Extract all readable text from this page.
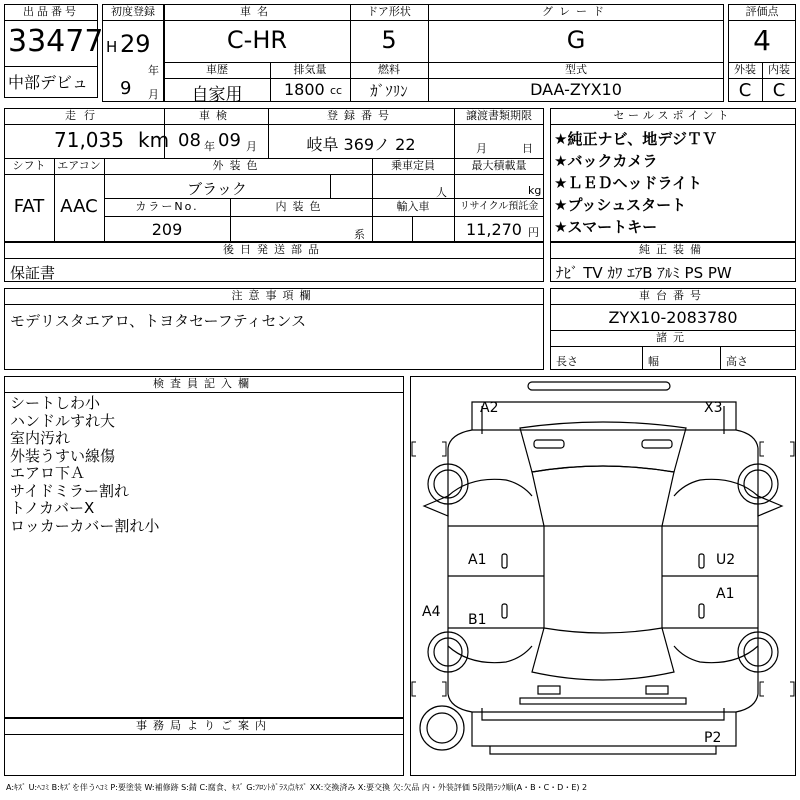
出品番号
33477
中部デビュ
初度登録
H 29
年
9 月
車名
C-HR
ドア形状
5
グレード
G
車歴
自家用
排気量
1800 cc
燃料
ｶﾞｿﾘﾝ
型式
DAA-ZYX10
評価点
4
外装	内装
C	C
走行
71,035 km
車検
08 年 09 月
登録番号
岐阜 369ノ 22
譲渡書類期限
月	日
シフト
FAT
エアコン
AAC
外装色
ブラック
乗車定員
人
最大積載量
kg
カラーNo.
209
内装色
系
輸入車	リサイクル預託金
11,270 円
後日発送部品
保証書
セールスポイント
★純正ナビ、地デジＴＶ
★バックカメラ
★ＬＥＤヘッドライト
★プッシュスタート
★スマートキー
純正装備
ﾅﾋﾞ TV ｶﾜ ｴｱB ｱﾙﾐ PS PW
注意事項欄
モデリスタエアロ、トヨタセーフティセンス
車台番号
ZYX10-2083780
諸元
長さ	幅	高さ
検査員記入欄
シートしわ小
ハンドルすれ大
室内汚れ
外装うすい線傷
エアロ下Ａ
サイドミラー割れ
トノカバーX
ロッカーカバー割れ小
事務局よりご案内
A2	X3
A1	U2
A1
A4 B1
P2
A:ｷｽﾞ U:ﾍｺﾐ B:ｷｽﾞを伴うﾍｺﾐ P:要塗装 W:補修跡 S:錆 C:腐食、ｷｽﾞ G:ﾌﾛﾝﾄｶﾞﾗｽ点ｷｽﾞ XX:交換済み X:要交換 欠:欠品 内・外装評価 5段階ﾗﾝｸ順(A・B・C・D・E) 2
